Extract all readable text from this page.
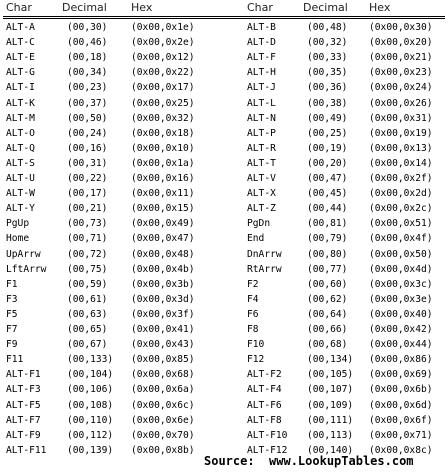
Char	Decimal Hex	Char	Decimal Hex
ALT-A	(00,30) (0x00,0x1e)	ALT-B	(00,48) (0x00,0x30)
ALT-C	(00,46) (0x00,0x2e)	ALT-D	(00,32) (0x00,0x20)
ALT-E	(00,18) (0x00,0x12)	ALT-F	(00,33) (0x00,0x21)
ALT-G	(00,34) (0x00,0x22)	ALT-H	(00,35) (0x00,0x23)
ALT-I	(00,23) (0x00,0x17)	ALT-J	(00,36) (0x00,0x24)
ALT-K	(00,37) (0x00,0x25)	ALT-L	(00,38) (0x00,0x26)
ALT-M	(00,50) (0x00,0x32)	ALT-N	(00,49) (0x00,0x31)
ALT-O	(00,24) (0x00,0x18)	ALT-P	(00,25) (0x00,0x19)
ALT-Q	(00,16) (0x00,0x10)	ALT-R	(00,19) (0x00,0x13)
ALT-S	(00,31) (0x00,0x1a)	ALT-T	(00,20) (0x00,0x14)
ALT-U	(00,22) (0x00,0x16)	ALT-V	(00,47) (0x00,0x2f)
ALT-W	(00,17) (0x00,0x11)	ALT-X	(00,45) (0x00,0x2d)
ALT-Y	(00,21) (0x00,0x15)	ALT-Z	(00,44) (0x00,0x2c)
PgUp	(00,73) (0x00,0x49)	PgDn	(00,81) (0x00,0x51)
Home	(00,71) (0x00,0x47)	End	(00,79) (0x00,0x4f)
UpArrw	(00,72) (0x00,0x48)	DnArrw	(00,80) (0x00,0x50)
LftArrw (00,75) (0x00,0x4b)	RtArrw	(00,77) (0x00,0x4d)
F1	(00,59) (0x00,0x3b)	F2	(00,60) (0x00,0x3c)
F3	(00,61) (0x00,0x3d)	F4	(00,62) (0x00,0x3e)
F5	(00,63) (0x00,0x3f)	F6	(00,64) (0x00,0x40)
F7	(00,65) (0x00,0x41)	F8	(00,66) (0x00,0x42)
F9	(00,67) (0x00,0x43)	F10	(00,68) (0x00,0x44)
F11	(00,133) (0x00,0x85)	F12	(00,134) (0x00,0x86)
ALT-F1	(00,104) (0x00,0x68)	ALT-F2	(00,105) (0x00,0x69)
ALT-F3	(00,106) (0x00,0x6a)	ALT-F4	(00,107) (0x00,0x6b)
ALT-F5	(00,108) (0x00,0x6c)	ALT-F6	(00,109) (0x00,0x6d)
ALT-F7	(00,110) (0x00,0x6e)	ALT-F8	(00,111) (0x00,0x6f)
ALT-F9	(00,112) (0x00,0x70)	ALT-F10 (00,113) (0x00,0x71)
ALT-F11 (00,139) (0x00,0x8b)	ALT-F12 (00,140) (0x00,0x8c)
Source:  www.LookupTables.com
